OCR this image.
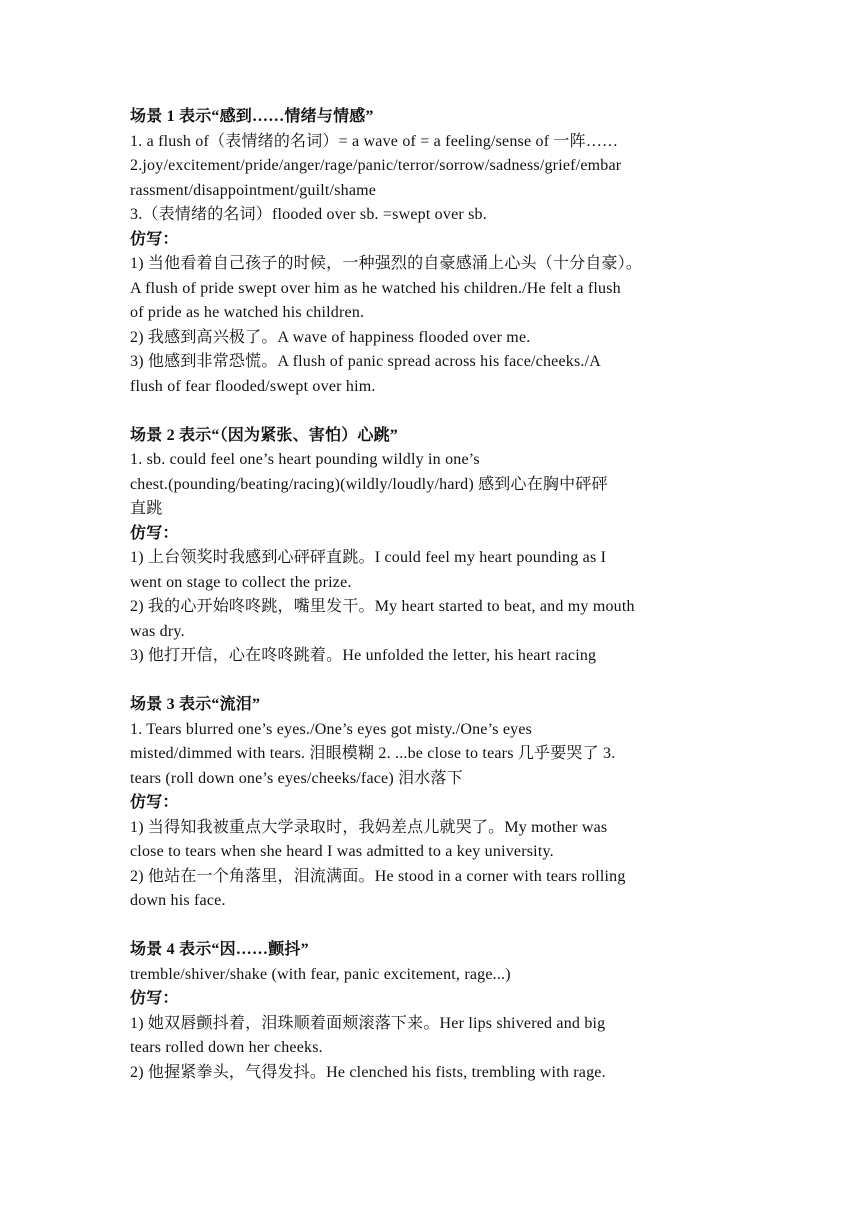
场景 1 表示“感到……情绪与情感”
1. a flush of（表情绪的名词）= a wave of = a feeling/sense of 一阵……
2.joy/excitement/pride/anger/rage/panic/terror/sorrow/sadness/grief/embar
rassment/disappointment/guilt/shame
3.（表情绪的名词）flooded over sb. =swept over sb.
仿写：
1) 当他看着自己孩子的时候，一种强烈的自豪感涌上心头（十分自豪）。
A flush of pride swept over him as he watched his children./He felt a flush
of pride as he watched his children.
2) 我感到高兴极了。A wave of happiness flooded over me.
3) 他感到非常恐慌。A flush of panic spread across his face/cheeks./A
flush of fear flooded/swept over him.
场景 2 表示“（因为紧张、害怕）心跳”
1. sb. could feel one’s heart pounding wildly in one’s
chest.(pounding/beating/racing)(wildly/loudly/hard) 感到心在胸中砰砰
直跳
仿写：
1) 上台领奖时我感到心砰砰直跳。I could feel my heart pounding as I
went on stage to collect the prize.
2) 我的心开始咚咚跳，嘴里发干。My heart started to beat, and my mouth
was dry.
3) 他打开信，心在咚咚跳着。He unfolded the letter, his heart racing
场景 3 表示“流泪”
1. Tears blurred one’s eyes./One’s eyes got misty./One’s eyes
misted/dimmed with tears. 泪眼模糊 2. ...be close to tears 几乎要哭了 3.
tears (roll down one’s eyes/cheeks/face) 泪水落下
仿写：
1) 当得知我被重点大学录取时，我妈差点儿就哭了。My mother was
close to tears when she heard I was admitted to a key university.
2) 他站在一个角落里，泪流满面。He stood in a corner with tears rolling
down his face.
场景 4 表示“因……颤抖”
tremble/shiver/shake (with fear, panic excitement, rage...)
仿写：
1) 她双唇颤抖着，泪珠顺着面颊滚落下来。Her lips shivered and big
tears rolled down her cheeks.
2) 他握紧拳头，气得发抖。He clenched his fists, trembling with rage.
